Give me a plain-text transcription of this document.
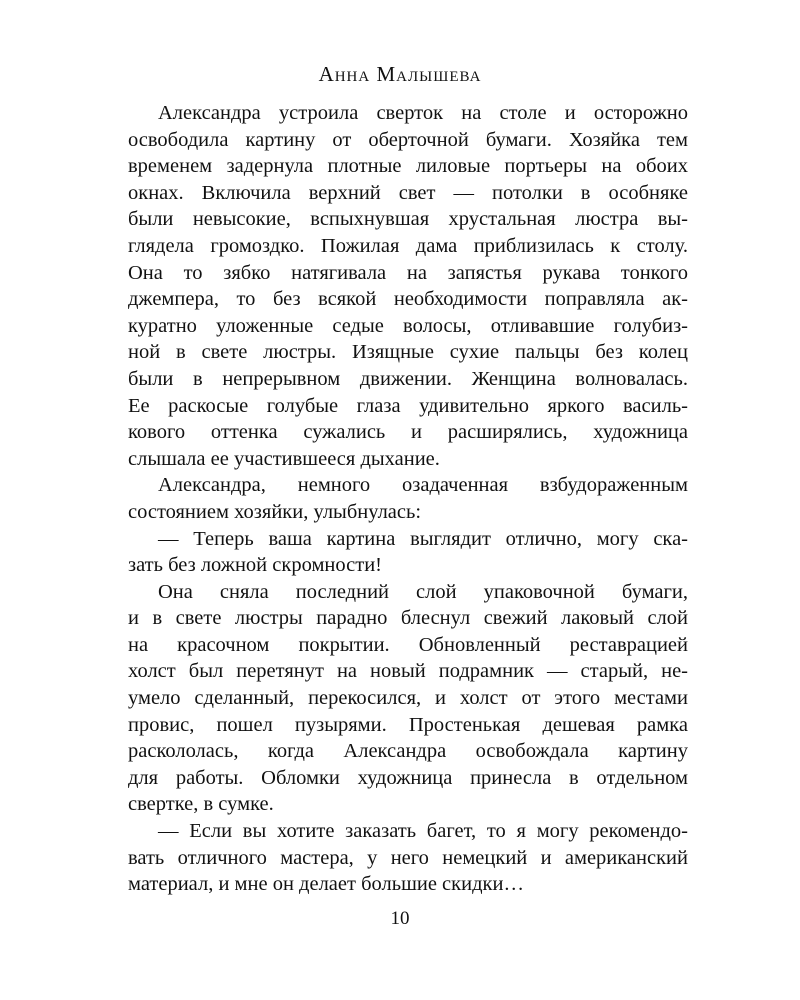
Анна Малышева
Александра устроила сверток на столе и осторожно
освободила картину от оберточной бумаги. Хозяйка тем
временем задернула плотные лиловые портьеры на обоих
окнах. Включила верхний свет — потолки в особняке
были невысокие, вспыхнувшая хрустальная люстра вы-
глядела громоздко. Пожилая дама приблизилась к столу.
Она то зябко натягивала на запястья рукава тонкого
джемпера, то без всякой необходимости поправляла ак-
куратно уложенные седые волосы, отливавшие голубиз-
ной в свете люстры. Изящные сухие пальцы без колец
были в непрерывном движении. Женщина волновалась.
Ее раскосые голубые глаза удивительно яркого василь-
кового оттенка сужались и расширялись, художница
слышала ее участившееся дыхание.
Александра, немного озадаченная взбудораженным
состоянием хозяйки, улыбнулась:
— Теперь ваша картина выглядит отлично, могу ска-
зать без ложной скромности!
Она сняла последний слой упаковочной бумаги,
и в свете люстры парадно блеснул свежий лаковый слой
на красочном покрытии. Обновленный реставрацией
холст был перетянут на новый подрамник — старый, не-
умело сделанный, перекосился, и холст от этого местами
провис, пошел пузырями. Простенькая дешевая рамка
раскололась, когда Александра освобождала картину
для работы. Обломки художница принесла в отдельном
свертке, в сумке.
— Если вы хотите заказать багет, то я могу рекомендо-
вать отличного мастера, у него немецкий и американский
материал, и мне он делает большие скидки…
10
